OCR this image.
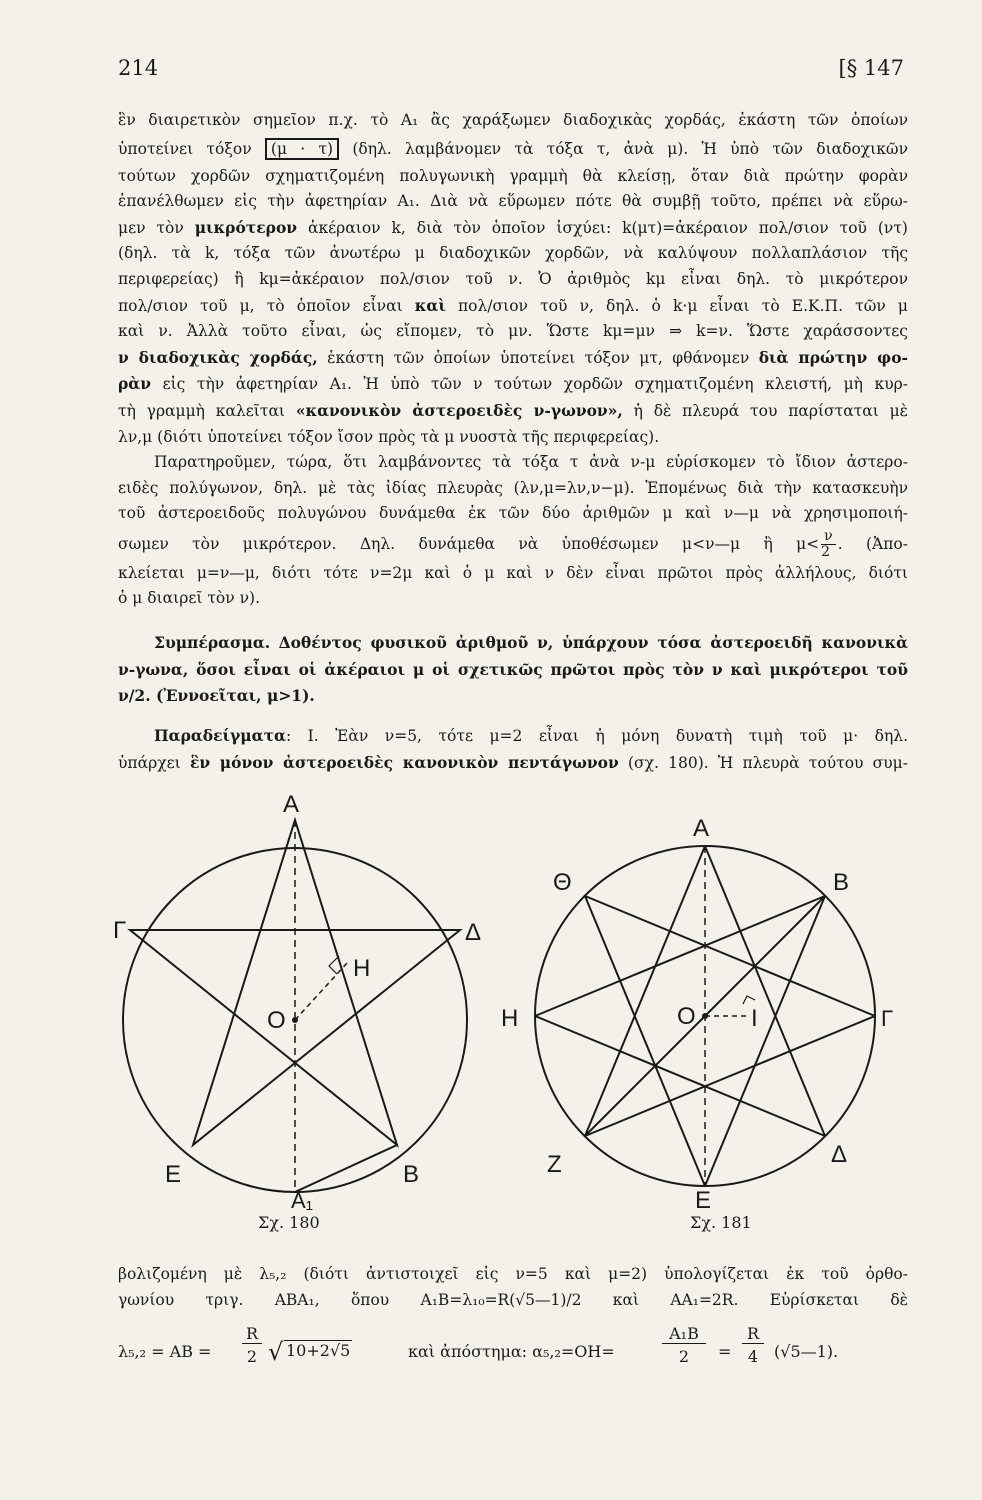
214	[§ 147
ἓν διαιρετικὸν σημεῖον π.χ. τὸ A₁ ἂς χαράξωμεν διαδοχικὰς χορδάς, ἑκάστη τῶν ὁποίων
ὑποτείνει τόξον (μ · τ) (δηλ. λαμβάνομεν τὰ τόξα τ, ἀνὰ μ). Ἡ ὑπὸ τῶν διαδοχικῶν
τούτων χορδῶν σχηματιζομένη πολυγωνικὴ γραμμὴ θὰ κλείσῃ, ὅταν διὰ πρώτην φορὰν
ἐπανέλθωμεν εἰς τὴν ἀφετηρίαν A₁. Διὰ νὰ εὕρωμεν πότε θὰ συμβῇ τοῦτο, πρέπει νὰ εὕρω-
μεν τὸν μικρότερον ἀκέραιον k, διὰ τὸν ὁποῖον ἰσχύει: k(μτ)=ἀκέραιον πολ/σιον τοῦ (ντ)
(δηλ. τὰ k, τόξα τῶν ἀνωτέρω μ διαδοχικῶν χορδῶν, νὰ καλύψουν πολλαπλάσιον τῆς
περιφερείας) ἢ kμ=ἀκέραιον πολ/σιον τοῦ ν. Ὁ ἀριθμὸς kμ εἶναι δηλ. τὸ μικρότερον
πολ/σιον τοῦ μ, τὸ ὁποῖον εἶναι καὶ πολ/σιον τοῦ ν, δηλ. ὁ k·μ εἶναι τὸ Ε.Κ.Π. τῶν μ
καὶ ν. Ἀλλὰ τοῦτο εἶναι, ὡς εἴπομεν, τὸ μν. Ὥστε kμ=μν ⇒ k=ν. Ὥστε χαράσσοντες
ν διαδοχικὰς χορδάς, ἑκάστη τῶν ὁποίων ὑποτείνει τόξον μτ, φθάνομεν διὰ πρώτην φο-
ρὰν εἰς τὴν ἀφετηρίαν A₁. Ἡ ὑπὸ τῶν ν τούτων χορδῶν σχηματιζομένη κλειστή, μὴ κυρ-
τὴ γραμμὴ καλεῖται «κανονικὸν ἀστεροειδὲς ν-γωνον», ἡ δὲ πλευρά του παρίσταται μὲ
λν,μ (διότι ὑποτείνει τόξον ἴσον πρὸς τὰ μ νυοστὰ τῆς περιφερείας).
Παρατηροῦμεν, τώρα, ὅτι λαμβάνοντες τὰ τόξα τ ἀνὰ ν-μ εὑρίσκομεν τὸ ἴδιον ἀστερο-
ειδὲς πολύγωνον, δηλ. μὲ τὰς ἰδίας πλευρὰς (λν,μ=λν,ν−μ). Ἑπομένως διὰ τὴν κατασκευὴν
τοῦ ἀστεροειδοῦς πολυγώνου δυνάμεθα ἐκ τῶν δύο ἀριθμῶν μ καὶ ν—μ νὰ χρησιμοποιή-
σωμεν τὸν μικρότερον. Δηλ. δυνάμεθα νὰ ὑποθέσωμεν μ<ν—μ ἢ $\mu< \frac{\nu}{2}$ . (Ἀπο-
κλείεται μ=ν—μ, διότι τότε ν=2μ καὶ ὁ μ καὶ ν δὲν εἶναι πρῶτοι πρὸς ἀλλήλους, διότι
ὁ μ διαιρεῖ τὸν ν).
Συμπέρασμα. Δοθέντος φυσικοῦ ἀριθμοῦ ν, ὑπάρχουν τόσα ἀστεροειδῆ κανονικὰ
ν-γωνα, ὅσοι εἶναι οἱ ἀκέραιοι μ οἱ σχετικῶς πρῶτοι πρὸς τὸν ν καὶ μικρότεροι τοῦ
ν/2. (Ἐννοεῖται, μ>1).
Παραδείγματα: I. Ἐὰν ν=5, τότε μ=2 εἶναι ἡ μόνη δυνατὴ τιμὴ τοῦ μ· δηλ.
ὑπάρχει ἓν μόνον ἀστεροειδὲς κανονικὸν πεντάγωνον (σχ. 180). Ἡ πλευρὰ τούτου συμ-
A
Γ	Δ
E	B
A₁
O
H
Σχ. 180
A
B
Γ
Δ
E
Z
H
Θ
O I
Σχ. 181
βολιζομένη μὲ λ₅,₂ (διότι ἀντιστοιχεῖ εἰς ν=5 καὶ μ=2) ὑπολογίζεται ἐκ τοῦ ὀρθο-
γωνίου τριγ. ABA₁, ὅπου A₁B=λ₁₀=R(√5—1)/2 καὶ AA₁=2R. Εὑρίσκεται δὲ
λ₅,₂ = AB =
R
2 √ 10+2√5	καὶ ἀπόστημα: α₅,₂=OH=
A₁B
2	=
R
4 (√5—1).
